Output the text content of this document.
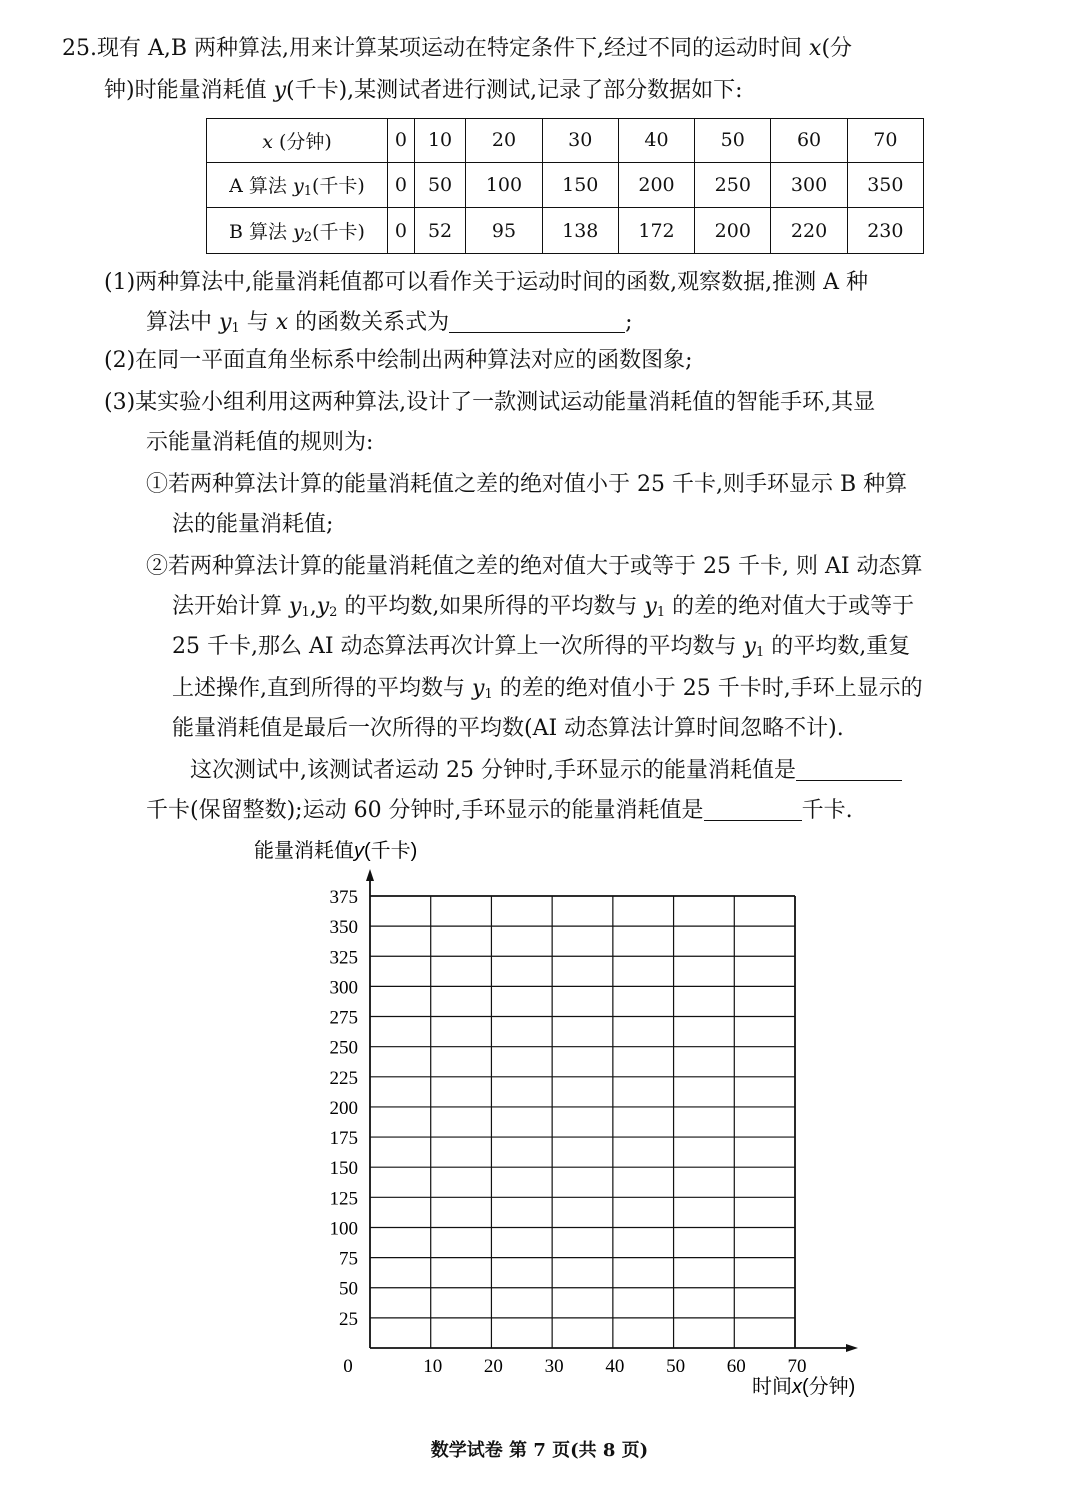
25.现有 A,B 两种算法,用来计算某项运动在特定条件下,经过不同的运动时间 x(分
钟)时能量消耗值 y(千卡),某测试者进行测试,记录了部分数据如下:
x (分钟)	0	10	20	30	40	50	60	70
A 算法 $y_1$(千卡)	0	50	100	150	200	250	300	350
B 算法 $y_2$(千卡)	0	52	95	138	172	200	220	230
(1)两种算法中,能量消耗值都可以看作关于运动时间的函数,观察数据,推测 A 种
算法中 $y_1$ 与 x 的函数关系式为	;
(2)在同一平面直角坐标系中绘制出两种算法对应的函数图象;
(3)某实验小组利用这两种算法,设计了一款测试运动能量消耗值的智能手环,其显
示能量消耗值的规则为:
①若两种算法计算的能量消耗值之差的绝对值小于 25 千卡,则手环显示 B 种算
法的能量消耗值;
②若两种算法计算的能量消耗值之差的绝对值大于或等于 25 千卡, 则 AI 动态算
法开始计算 $y_1,y_2$ 的平均数,如果所得的平均数与 $y_1$ 的差的绝对值大于或等于
25 千卡,那么 AI 动态算法再次计算上一次所得的平均数与 $y_1$ 的平均数,重复
上述操作,直到所得的平均数与 $y_1$ 的差的绝对值小于 25 千卡时,手环上显示的
能量消耗值是最后一次所得的平均数(AI 动态算法计算时间忽略不计).
这次测试中,该测试者运动 25 分钟时,手环显示的能量消耗值是
千卡(保留整数);运动 60 分钟时,手环显示的能量消耗值是	千卡.
25
50
75
100
125
150
175
200
225
250
275
300
325
350
375
10 20 30 40 50 60 70
能量消耗值y(千卡)
时间x(分钟)
0
数学试卷 第 7 页(共 8 页)
